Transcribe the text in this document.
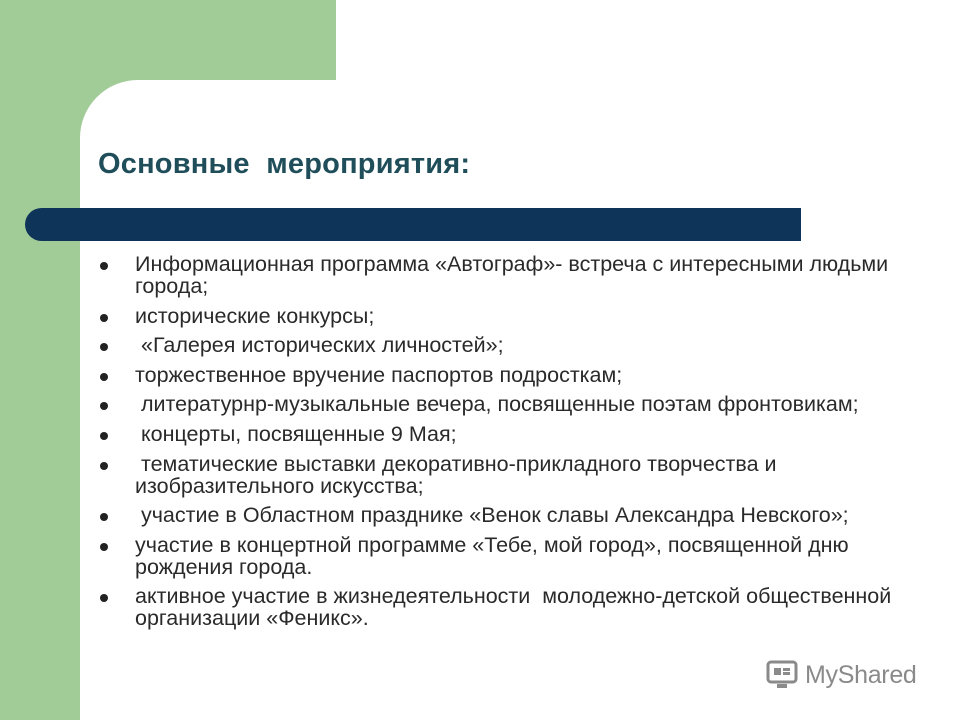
Основные  мероприятия:
Информационная программа «Автограф»- встреча с интересными людьми города;
исторические конкурсы;
«Галерея исторических личностей»;
торжественное вручение паспортов подросткам;
литературнр-музыкальные вечера, посвященные поэтам фронтовикам;
концерты, посвященные 9 Мая;
тематические выставки декоративно-прикладного творчества и изобразительного искусства;
участие в Областном празднике «Венок славы Александра Невского»;
участие в концертной программе «Тебе, мой город», посвященной дню рождения города.
активное участие в жизнедеятельности  молодежно-детской общественной организации «Феникс».
MyShared
